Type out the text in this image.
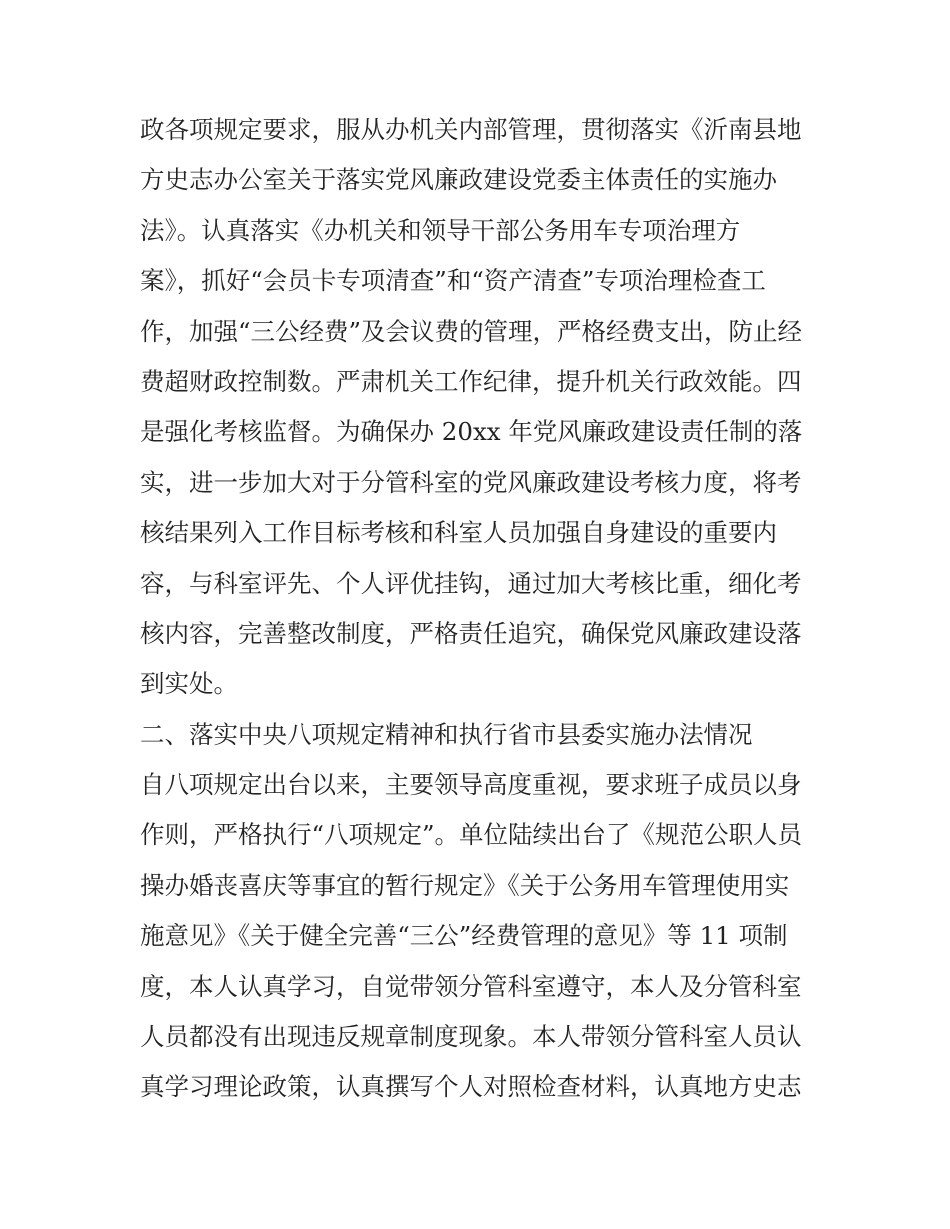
政各项规定要求，服从办机关内部管理，贯彻落实《沂南县地
方史志办公室关于落实党风廉政建设党委主体责任的实施办
法》。认真落实《办机关和领导干部公务用车专项治理方
案》，抓好“会员卡专项清查”和“资产清查”专项治理检查工
作，加强“三公经费”及会议费的管理，严格经费支出，防止经
费超财政控制数。严肃机关工作纪律，提升机关行政效能。四
是强化考核监督。为确保办 20xx 年党风廉政建设责任制的落
实，进一步加大对于分管科室的党风廉政建设考核力度，将考
核结果列入工作目标考核和科室人员加强自身建设的重要内
容，与科室评先、个人评优挂钩，通过加大考核比重，细化考
核内容，完善整改制度，严格责任追究，确保党风廉政建设落
到实处。
二、落实中央八项规定精神和执行省市县委实施办法情况
自八项规定出台以来，主要领导高度重视，要求班子成员以身
作则，严格执行“八项规定”。单位陆续出台了《规范公职人员
操办婚丧喜庆等事宜的暂行规定》《关于公务用车管理使用实
施意见》《关于健全完善“三公”经费管理的意见》等 11 项制
度，本人认真学习，自觉带领分管科室遵守，本人及分管科室
人员都没有出现违反规章制度现象。本人带领分管科室人员认
真学习理论政策，认真撰写个人对照检查材料，认真地方史志
